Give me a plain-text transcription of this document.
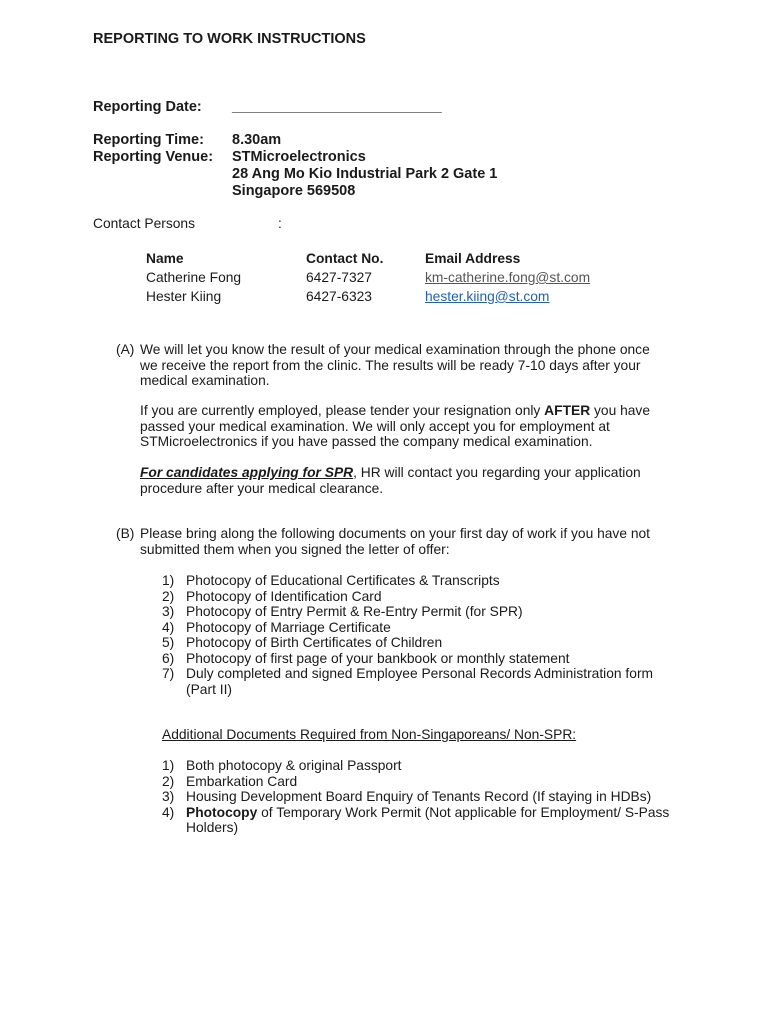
REPORTING TO WORK INSTRUCTIONS
Reporting Date: __________________________
Reporting Time: 8.30am
Reporting Venue: STMicroelectronics
28 Ang Mo Kio Industrial Park 2 Gate 1
Singapore 569508
Contact Persons	:
Name	Contact No.	Email Address
Catherine Fong	6427-7327	km-catherine.fong@st.com
Hester Kiing	6427-6323	hester.kiing@st.com
(A) We will let you know the result of your medical examination through the phone once we receive the report from the clinic. The results will be ready 7-10 days after your medical examination.
If you are currently employed, please tender your resignation only AFTER you have passed your medical examination. We will only accept you for employment at STMicroelectronics if you have passed the company medical examination.
For candidates applying for SPR, HR will contact you regarding your application procedure after your medical clearance.
(B) Please bring along the following documents on your first day of work if you have not submitted them when you signed the letter of offer:
1) Photocopy of Educational Certificates & Transcripts
2) Photocopy of Identification Card
3) Photocopy of Entry Permit & Re-Entry Permit (for SPR)
4) Photocopy of Marriage Certificate
5) Photocopy of Birth Certificates of Children
6) Photocopy of first page of your bankbook or monthly statement
7) Duly completed and signed Employee Personal Records Administration form (Part II)
Additional Documents Required from Non-Singaporeans/ Non-SPR:
1) Both photocopy & original Passport
2) Embarkation Card
3) Housing Development Board Enquiry of Tenants Record (If staying in HDBs)
4) Photocopy of Temporary Work Permit (Not applicable for Employment/ S-Pass Holders)
